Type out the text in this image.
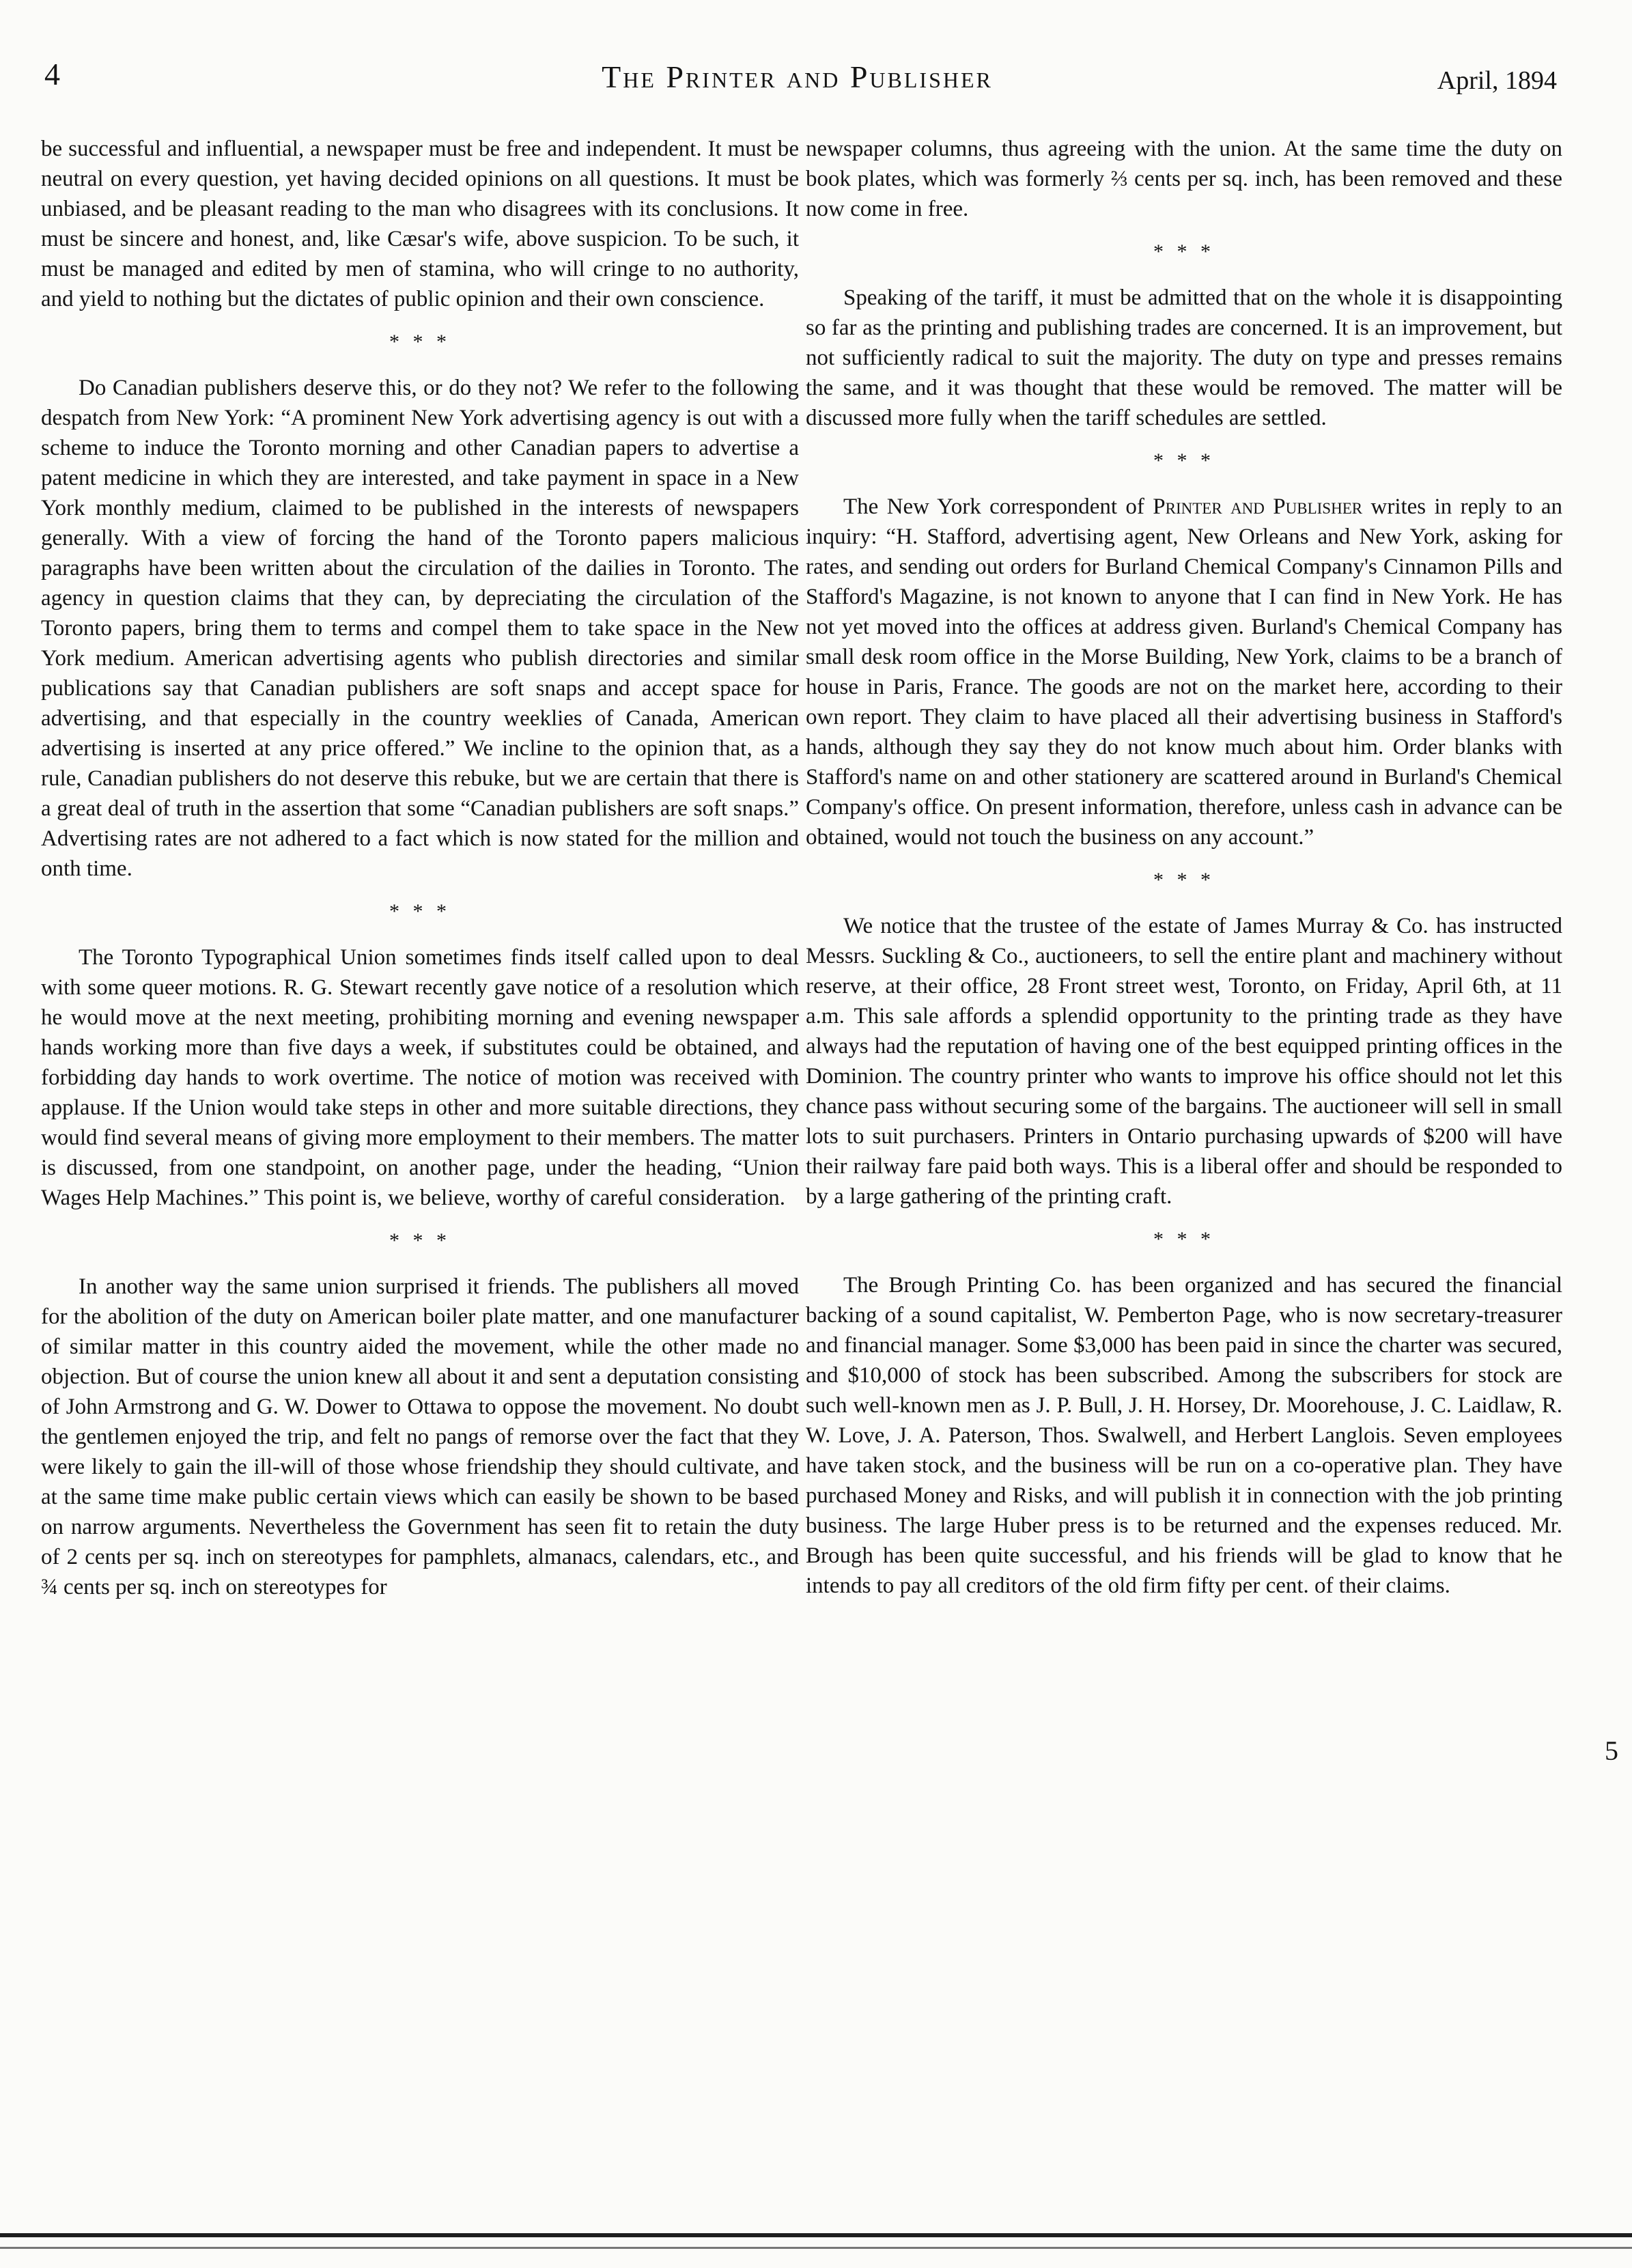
4	The Printer and Publisher	April, 1894

be successful and influential, a newspaper must be free and independent. It must be neutral on every question, yet having decided opinions on all questions. It must be unbiased, and be pleasant reading to the man who disagrees with its conclusions. It must be sincere and honest, and, like Cæsar's wife, above suspicion. To be such, it must be managed and edited by men of stamina, who will cringe to no authority, and yield to nothing but the dictates of public opinion and their own conscience.

* * *

Do Canadian publishers deserve this, or do they not? We refer to the following despatch from New York: “A prominent New York advertising agency is out with a scheme to induce the Toronto morning and other Canadian papers to advertise a patent medicine in which they are interested, and take payment in space in a New York monthly medium, claimed to be published in the interests of newspapers generally. With a view of forcing the hand of the Toronto papers malicious paragraphs have been written about the circulation of the dailies in Toronto. The agency in question claims that they can, by depreciating the circulation of the Toronto papers, bring them to terms and compel them to take space in the New York medium. American advertising agents who publish directories and similar publications say that Canadian publishers are soft snaps and accept space for advertising, and that especially in the country weeklies of Canada, American advertising is inserted at any price offered.” We incline to the opinion that, as a rule, Canadian publishers do not deserve this rebuke, but we are certain that there is a great deal of truth in the assertion that some “Canadian publishers are soft snaps.” Advertising rates are not adhered to a fact which is now stated for the million and onth time.

* * *

The Toronto Typographical Union sometimes finds itself called upon to deal with some queer motions. R. G. Stewart recently gave notice of a resolution which he would move at the next meeting, prohibiting morning and evening newspaper hands working more than five days a week, if substitutes could be obtained, and forbidding day hands to work overtime. The notice of motion was received with applause. If the Union would take steps in other and more suitable directions, they would find several means of giving more employment to their members. The matter is discussed, from one standpoint, on another page, under the heading, “Union Wages Help Machines.” This point is, we believe, worthy of careful consideration.

* * *

In another way the same union surprised it friends. The publishers all moved for the abolition of the duty on American boiler plate matter, and one manufacturer of similar matter in this country aided the movement, while the other made no objection. But of course the union knew all about it and sent a deputation consisting of John Armstrong and G. W. Dower to Ottawa to oppose the movement. No doubt the gentlemen enjoyed the trip, and felt no pangs of remorse over the fact that they were likely to gain the ill-will of those whose friendship they should cultivate, and at the same time make public certain views which can easily be shown to be based on narrow arguments. Nevertheless the Government has seen fit to retain the duty of 2 cents per sq. inch on stereotypes for pamphlets, almanacs, calendars, etc., and ¾ cents per sq. inch on stereotypes for

newspaper columns, thus agreeing with the union. At the same time the duty on book plates, which was formerly ⅔ cents per sq. inch, has been removed and these now come in free.

* * *

Speaking of the tariff, it must be admitted that on the whole it is disappointing so far as the printing and publishing trades are concerned. It is an improvement, but not sufficiently radical to suit the majority. The duty on type and presses remains the same, and it was thought that these would be removed. The matter will be discussed more fully when the tariff schedules are settled.

* * *

The New York correspondent of Printer and Publisher writes in reply to an inquiry: “H. Stafford, advertising agent, New Orleans and New York, asking for rates, and sending out orders for Burland Chemical Company's Cinnamon Pills and Stafford's Magazine, is not known to anyone that I can find in New York. He has not yet moved into the offices at address given. Burland's Chemical Company has small desk room office in the Morse Building, New York, claims to be a branch of house in Paris, France. The goods are not on the market here, according to their own report. They claim to have placed all their advertising business in Stafford's hands, although they say they do not know much about him. Order blanks with Stafford's name on and other stationery are scattered around in Burland's Chemical Company's office. On present information, therefore, unless cash in advance can be obtained, would not touch the business on any account.”

* * *

We notice that the trustee of the estate of James Murray & Co. has instructed Messrs. Suckling & Co., auctioneers, to sell the entire plant and machinery without reserve, at their office, 28 Front street west, Toronto, on Friday, April 6th, at 11 a.m. This sale affords a splendid opportunity to the printing trade as they have always had the reputation of having one of the best equipped printing offices in the Dominion. The country printer who wants to improve his office should not let this chance pass without securing some of the bargains. The auctioneer will sell in small lots to suit purchasers. Printers in Ontario purchasing upwards of $200 will have their railway fare paid both ways. This is a liberal offer and should be responded to by a large gathering of the printing craft.

* * *

The Brough Printing Co. has been organized and has secured the financial backing of a sound capitalist, W. Pemberton Page, who is now secretary-treasurer and financial manager. Some $3,000 has been paid in since the charter was secured, and $10,000 of stock has been subscribed. Among the subscribers for stock are such well-known men as J. P. Bull, J. H. Horsey, Dr. Moorehouse, J. C. Laidlaw, R. W. Love, J. A. Paterson, Thos. Swalwell, and Herbert Langlois. Seven employees have taken stock, and the business will be run on a co-operative plan. They have purchased Money and Risks, and will publish it in connection with the job printing business. The large Huber press is to be returned and the expenses reduced. Mr. Brough has been quite successful, and his friends will be glad to know that he intends to pay all creditors of the old firm fifty per cent. of their claims.

5
